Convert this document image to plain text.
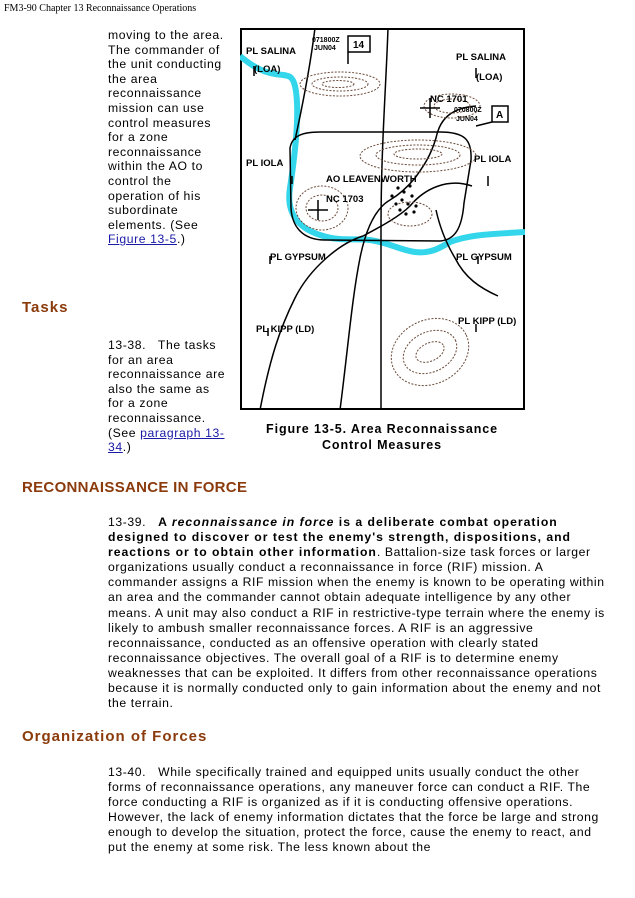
FM3-90 Chapter 13 Reconnaissance Operations
moving to the area. The commander of the unit conducting the area reconnaissance mission can use control measures for a zone reconnaissance within the AO to control the operation of his subordinate elements. (See Figure 13-5.)
Tasks
13-38.   The tasks for an area reconnaissance are also the same as for a zone reconnaissance. (See paragraph 13-34.)
PL SALINA
(LOA)
PL SALINA
(LOA)
NC 1701
PL IOLA	PL IOLA
AO LEAVENWORTH
NC 1703
PL GYPSUM	PL GYPSUM
PL KIPP (LD)
PL KIPP (LD)
071800Z
JUN04
070800Z
JUN04
14
A
Figure 13-5. Area Reconnaissance
Control Measures
RECONNAISSANCE IN FORCE
13-39.   A reconnaissance in force is a deliberate combat operation designed to discover or test the enemy's strength, dispositions, and reactions or to obtain other information. Battalion-size task forces or larger organizations usually conduct a reconnaissance in force (RIF) mission. A commander assigns a RIF mission when the enemy is known to be operating within an area and the commander cannot obtain adequate intelligence by any other means. A unit may also conduct a RIF in restrictive-type terrain where the enemy is likely to ambush smaller reconnaissance forces. A RIF is an aggressive reconnaissance, conducted as an offensive operation with clearly stated reconnaissance objectives. The overall goal of a RIF is to determine enemy weaknesses that can be exploited. It differs from other reconnaissance operations because it is normally conducted only to gain information about the enemy and not the terrain.
Organization of Forces
13-40.   While specifically trained and equipped units usually conduct the other forms of reconnaissance operations, any maneuver force can conduct a RIF. The force conducting a RIF is organized as if it is conducting offensive operations. However, the lack of enemy information dictates that the force be large and strong enough to develop the situation, protect the force, cause the enemy to react, and put the enemy at some risk. The less known about the
